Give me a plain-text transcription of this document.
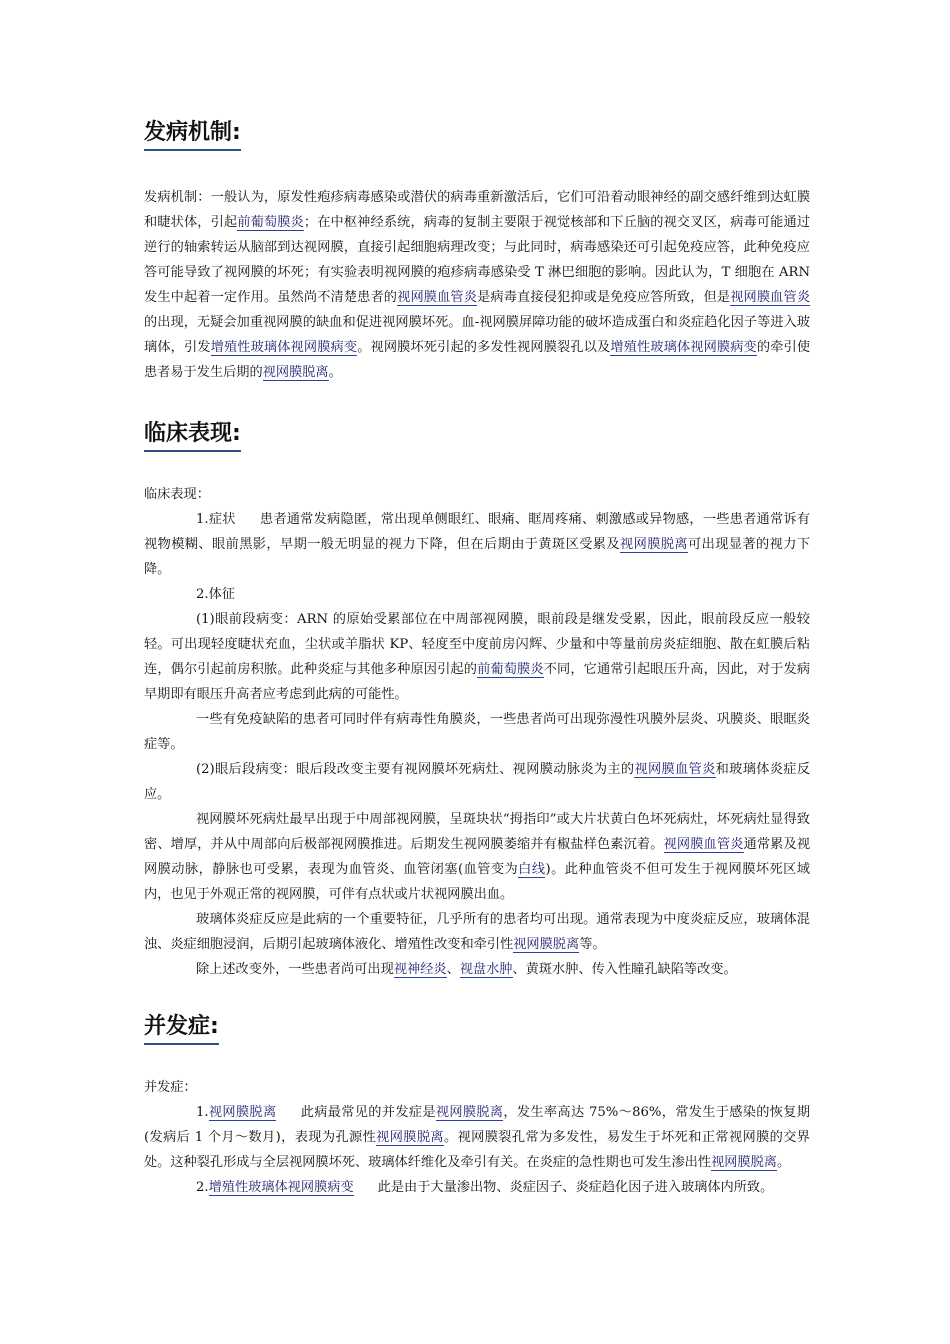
发病机制:

发病机制：一般认为，原发性疱疹病毒感染或潜伏的病毒重新激活后，它们可沿着动眼神经的副交感纤维到达虹膜和睫状体，引起前葡萄膜炎；在中枢神经系统，病毒的复制主要限于视觉核部和下丘脑的视交叉区，病毒可能通过逆行的轴索转运从脑部到达视网膜，直接引起细胞病理改变；与此同时，病毒感染还可引起免疫应答，此种免疫应答可能导致了视网膜的坏死；有实验表明视网膜的疱疹病毒感染受 T 淋巴细胞的影响。因此认为，T 细胞在 ARN 发生中起着一定作用。虽然尚不清楚患者的视网膜血管炎是病毒直接侵犯抑或是免疫应答所致，但是视网膜血管炎的出现，无疑会加重视网膜的缺血和促进视网膜坏死。血-视网膜屏障功能的破坏造成蛋白和炎症趋化因子等进入玻璃体，引发增殖性玻璃体视网膜病变。视网膜坏死引起的多发性视网膜裂孔以及增殖性玻璃体视网膜病变的牵引使患者易于发生后期的视网膜脱离。

临床表现:

临床表现：

1.症状 患者通常发病隐匿，常出现单侧眼红、眼痛、眶周疼痛、刺激感或异物感，一些患者通常诉有视物模糊、眼前黑影，早期一般无明显的视力下降，但在后期由于黄斑区受累及视网膜脱离可出现显著的视力下降。

2.体征

(1)眼前段病变：ARN 的原始受累部位在中周部视网膜，眼前段是继发受累，因此，眼前段反应一般较轻。可出现轻度睫状充血，尘状或羊脂状 KP、轻度至中度前房闪辉、少量和中等量前房炎症细胞、散在虹膜后粘连，偶尔引起前房积脓。此种炎症与其他多种原因引起的前葡萄膜炎不同，它通常引起眼压升高，因此，对于发病早期即有眼压升高者应考虑到此病的可能性。

一些有免疫缺陷的患者可同时伴有病毒性角膜炎，一些患者尚可出现弥漫性巩膜外层炎、巩膜炎、眼眶炎症等。

(2)眼后段病变：眼后段改变主要有视网膜坏死病灶、视网膜动脉炎为主的视网膜血管炎和玻璃体炎症反应。

视网膜坏死病灶最早出现于中周部视网膜，呈斑块状“拇指印”或大片状黄白色坏死病灶，坏死病灶显得致密、增厚，并从中周部向后极部视网膜推进。后期发生视网膜萎缩并有椒盐样色素沉着。视网膜血管炎通常累及视网膜动脉，静脉也可受累，表现为血管炎、血管闭塞(血管变为白线)。此种血管炎不但可发生于视网膜坏死区域内，也见于外观正常的视网膜，可伴有点状或片状视网膜出血。

玻璃体炎症反应是此病的一个重要特征，几乎所有的患者均可出现。通常表现为中度炎症反应，玻璃体混浊、炎症细胞浸润，后期引起玻璃体液化、增殖性改变和牵引性视网膜脱离等。

除上述改变外，一些患者尚可出现视神经炎、视盘水肿、黄斑水肿、传入性瞳孔缺陷等改变。

并发症:

并发症：

1.视网膜脱离 此病最常见的并发症是视网膜脱离，发生率高达 75%～86%，常发生于感染的恢复期(发病后 1 个月～数月)，表现为孔源性视网膜脱离。视网膜裂孔常为多发性，易发生于坏死和正常视网膜的交界处。这种裂孔形成与全层视网膜坏死、玻璃体纤维化及牵引有关。在炎症的急性期也可发生渗出性视网膜脱离。

2.增殖性玻璃体视网膜病变 此是由于大量渗出物、炎症因子、炎症趋化因子进入玻璃体内所致。
